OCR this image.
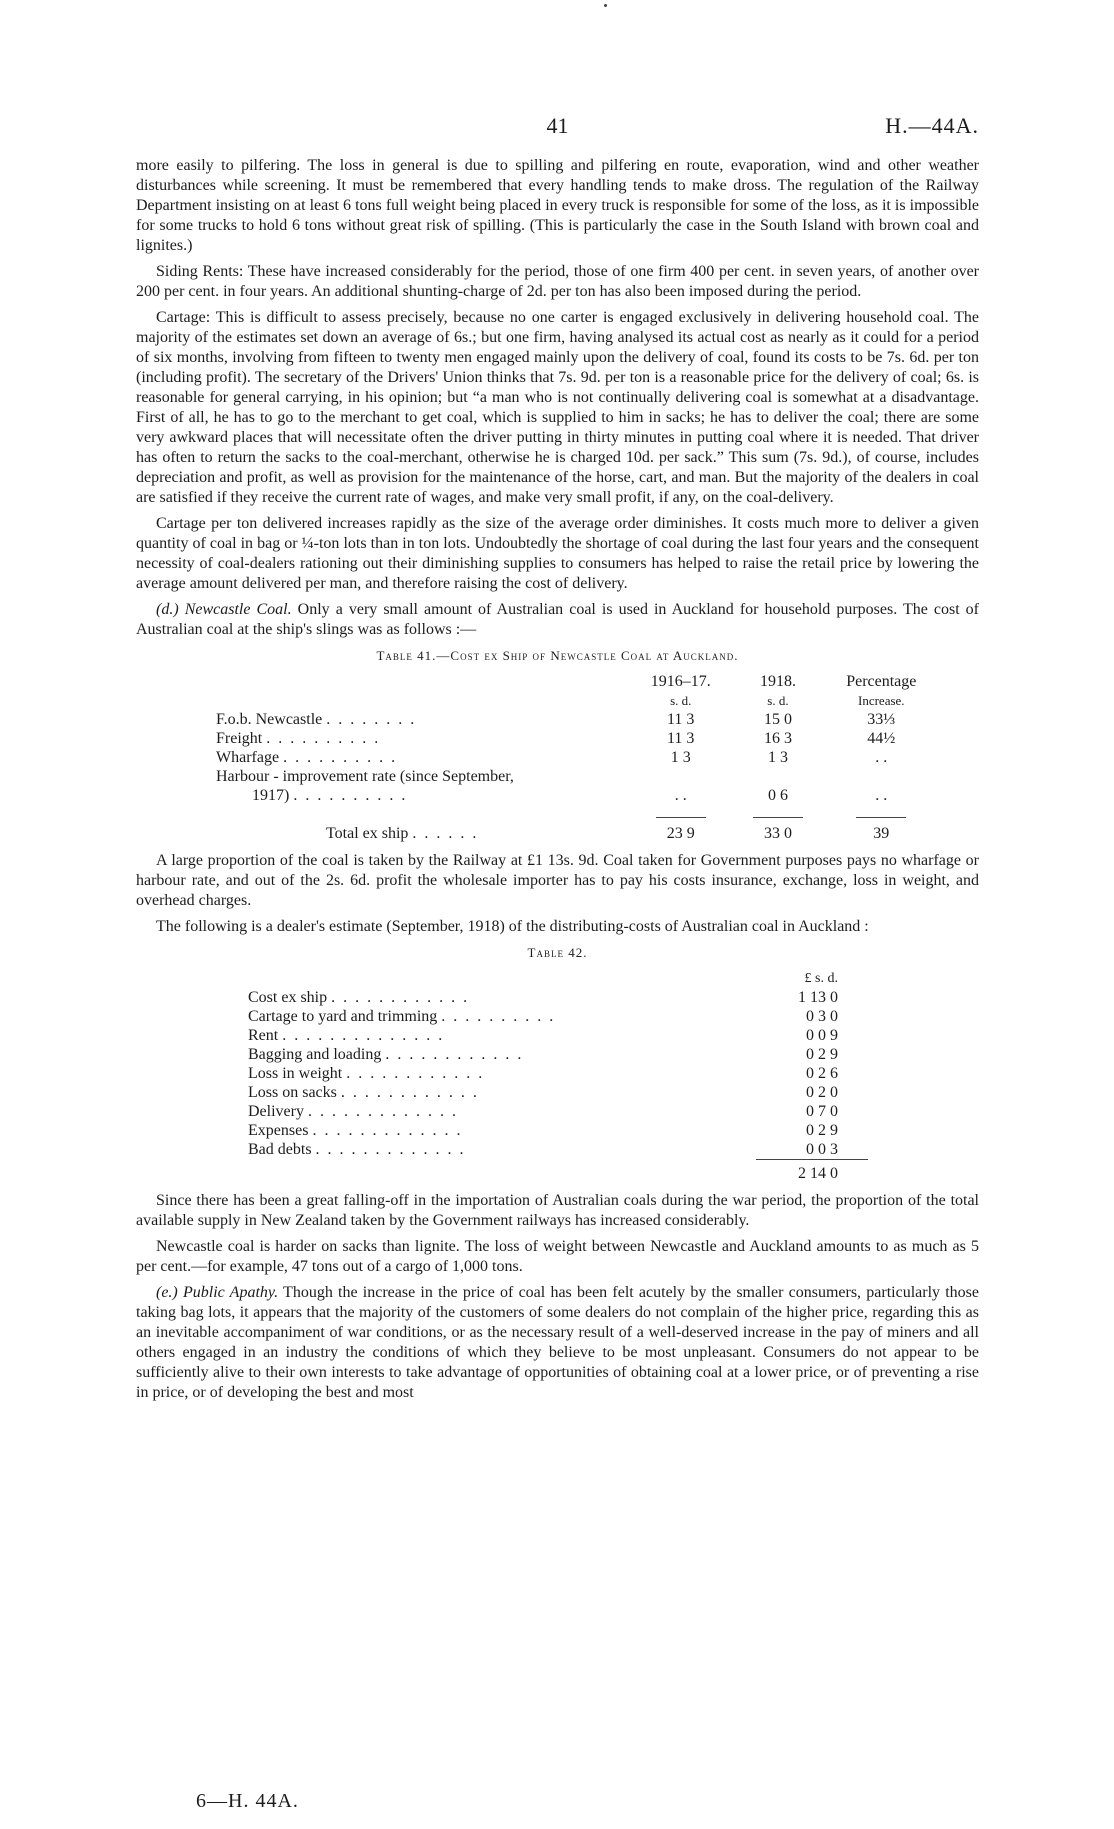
41	H.—44A.

more easily to pilfering. The loss in general is due to spilling and pilfering en route, evaporation, wind and other weather disturbances while screening. It must be remembered that every handling tends to make dross. The regulation of the Railway Department insisting on at least 6 tons full weight being placed in every truck is responsible for some of the loss, as it is impossible for some trucks to hold 6 tons without great risk of spilling. (This is particularly the case in the South Island with brown coal and lignites.)

Siding Rents: These have increased considerably for the period, those of one firm 400 per cent. in seven years, of another over 200 per cent. in four years. An additional shunting-charge of 2d. per ton has also been imposed during the period.

Cartage: This is difficult to assess precisely, because no one carter is engaged exclusively in delivering household coal. The majority of the estimates set down an average of 6s.; but one firm, having analysed its actual cost as nearly as it could for a period of six months, involving from fifteen to twenty men engaged mainly upon the delivery of coal, found its costs to be 7s. 6d. per ton (including profit). The secretary of the Drivers' Union thinks that 7s. 9d. per ton is a reasonable price for the delivery of coal; 6s. is reasonable for general carrying, in his opinion; but “a man who is not continually delivering coal is somewhat at a disadvantage. First of all, he has to go to the merchant to get coal, which is supplied to him in sacks; he has to deliver the coal; there are some very awkward places that will necessitate often the driver putting in thirty minutes in putting coal where it is needed. That driver has often to return the sacks to the coal-merchant, otherwise he is charged 10d. per sack.” This sum (7s. 9d.), of course, includes depreciation and profit, as well as provision for the maintenance of the horse, cart, and man. But the majority of the dealers in coal are satisfied if they receive the current rate of wages, and make very small profit, if any, on the coal-delivery.

Cartage per ton delivered increases rapidly as the size of the average order diminishes. It costs much more to deliver a given quantity of coal in bag or ¼-ton lots than in ton lots. Undoubtedly the shortage of coal during the last four years and the consequent necessity of coal-dealers rationing out their diminishing supplies to consumers has helped to raise the retail price by lowering the average amount delivered per man, and therefore raising the cost of delivery.

(d.) Newcastle Coal. Only a very small amount of Australian coal is used in Auckland for household purposes. The cost of Australian coal at the ship's slings was as follows :—

Table 41.—Cost ex Ship of Newcastle Coal at Auckland.
	1916–17.	1918.	Percentage
	s. d.	s. d.	Increase.
F.o.b. Newcastle . . . . . . . .	11 3	15 0	33⅓
Freight . . . . . . . . . .	11 3	16 3	44½
Wharfage . . . . . . . . . .	1 3	1 3	. .
Harbour - improvement rate (since September,			
1917) . . . . . . . . . .	. .	0 6	. .

Total ex ship . . . . . .	23 9	33 0	39

A large proportion of the coal is taken by the Railway at £1 13s. 9d. Coal taken for Government purposes pays no wharfage or harbour rate, and out of the 2s. 6d. profit the wholesale importer has to pay his costs insurance, exchange, loss in weight, and overhead charges.

The following is a dealer's estimate (September, 1918) of the distributing-costs of Australian coal in Auckland :

Table 42.
	£ s. d.
Cost ex ship . . . . . . . . . . . .	1 13 0
Cartage to yard and trimming . . . . . . . . . .	0 3 0
Rent . . . . . . . . . . . . . .	0 0 9
Bagging and loading . . . . . . . . . . . .	0 2 9
Loss in weight . . . . . . . . . . . .	0 2 6
Loss on sacks . . . . . . . . . . . .	0 2 0
Delivery . . . . . . . . . . . . .	0 7 0
Expenses . . . . . . . . . . . . .	0 2 9
Bad debts . . . . . . . . . . . . .	0 0 3
	2 14 0

Since there has been a great falling-off in the importation of Australian coals during the war period, the proportion of the total available supply in New Zealand taken by the Government railways has increased considerably.

Newcastle coal is harder on sacks than lignite. The loss of weight between Newcastle and Auckland amounts to as much as 5 per cent.—for example, 47 tons out of a cargo of 1,000 tons.

(e.) Public Apathy. Though the increase in the price of coal has been felt acutely by the smaller consumers, particularly those taking bag lots, it appears that the majority of the customers of some dealers do not complain of the higher price, regarding this as an inevitable accompaniment of war conditions, or as the necessary result of a well-deserved increase in the pay of miners and all others engaged in an industry the conditions of which they believe to be most unpleasant. Consumers do not appear to be sufficiently alive to their own interests to take advantage of opportunities of obtaining coal at a lower price, or of preventing a rise in price, or of developing the best and most

6—H. 44A.
